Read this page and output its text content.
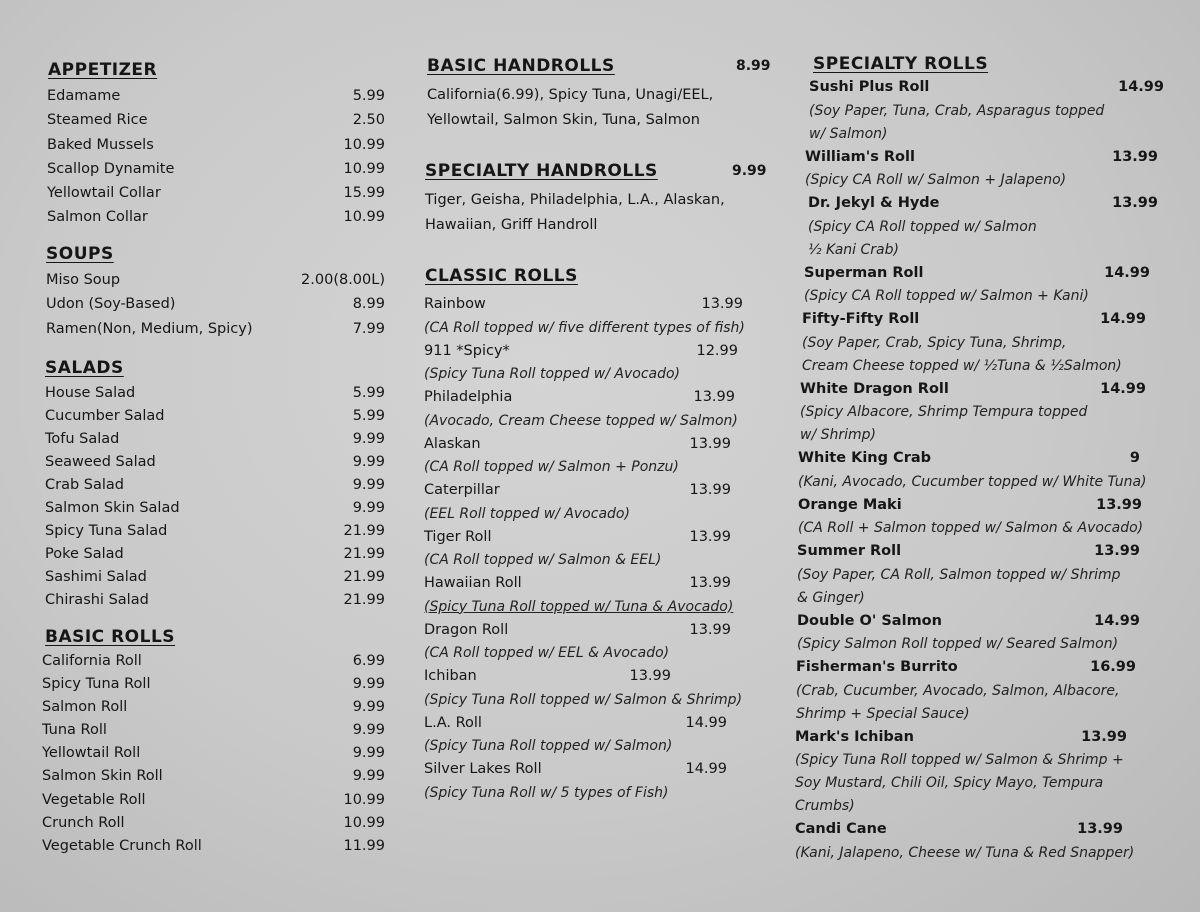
APPETIZER
Edamame	5.99
Steamed Rice	2.50
Baked Mussels	10.99
Scallop Dynamite	10.99
Yellowtail Collar	15.99
Salmon Collar	10.99
SOUPS
Miso Soup	2.00(8.00L)
Udon (Soy-Based)	8.99
Ramen(Non, Medium, Spicy)	7.99
SALADS
House Salad	5.99
Cucumber Salad	5.99
Tofu Salad	9.99
Seaweed Salad	9.99
Crab Salad	9.99
Salmon Skin Salad	9.99
Spicy Tuna Salad	21.99
Poke Salad	21.99
Sashimi Salad	21.99
Chirashi Salad	21.99
BASIC ROLLS
California Roll	6.99
Spicy Tuna Roll	9.99
Salmon Roll	9.99
Tuna Roll	9.99
Yellowtail Roll	9.99
Salmon Skin Roll	9.99
Vegetable Roll	10.99
Crunch Roll	10.99
Vegetable Crunch Roll	11.99
BASIC HANDROLLS	8.99
California(6.99), Spicy Tuna, Unagi/EEL,
Yellowtail, Salmon Skin, Tuna, Salmon
SPECIALTY HANDROLLS	9.99
Tiger, Geisha, Philadelphia, L.A., Alaskan,
Hawaiian, Griff Handroll
CLASSIC ROLLS
Rainbow	13.99
(CA Roll topped w/ five different types of fish)
911 *Spicy*	12.99
(Spicy Tuna Roll topped w/ Avocado)
Philadelphia	13.99
(Avocado, Cream Cheese topped w/ Salmon)
Alaskan	13.99
(CA Roll topped w/ Salmon + Ponzu)
Caterpillar	13.99
(EEL Roll topped w/ Avocado)
Tiger Roll	13.99
(CA Roll topped w/ Salmon & EEL)
Hawaiian Roll	13.99
(Spicy Tuna Roll topped w/ Tuna & Avocado)
Dragon Roll	13.99
(CA Roll topped w/ EEL & Avocado)
Ichiban	13.99
(Spicy Tuna Roll topped w/ Salmon & Shrimp)
L.A. Roll	14.99
(Spicy Tuna Roll topped w/ Salmon)
Silver Lakes Roll	14.99
(Spicy Tuna Roll w/ 5 types of Fish)
SPECIALTY ROLLS
Sushi Plus Roll	14.99
(Soy Paper, Tuna, Crab, Asparagus topped
w/ Salmon)
William's Roll	13.99
(Spicy CA Roll w/ Salmon + Jalapeno)
Dr. Jekyl & Hyde	13.99
(Spicy CA Roll topped w/ Salmon
½ Kani Crab)
Superman Roll	14.99
(Spicy CA Roll topped w/ Salmon + Kani)
Fifty-Fifty Roll	14.99
(Soy Paper, Crab, Spicy Tuna, Shrimp,
Cream Cheese topped w/ ½Tuna & ½Salmon)
White Dragon Roll	14.99
(Spicy Albacore, Shrimp Tempura topped
w/ Shrimp)
White King Crab	9
(Kani, Avocado, Cucumber topped w/ White Tuna)
Orange Maki	13.99
(CA Roll + Salmon topped w/ Salmon & Avocado)
Summer Roll	13.99
(Soy Paper, CA Roll, Salmon topped w/ Shrimp
& Ginger)
Double O' Salmon	14.99
(Spicy Salmon Roll topped w/ Seared Salmon)
Fisherman's Burrito	16.99
(Crab, Cucumber, Avocado, Salmon, Albacore,
Shrimp + Special Sauce)
Mark's Ichiban	13.99
(Spicy Tuna Roll topped w/ Salmon & Shrimp +
Soy Mustard, Chili Oil, Spicy Mayo, Tempura
Crumbs)
Candi Cane	13.99
(Kani, Jalapeno, Cheese w/ Tuna & Red Snapper)
